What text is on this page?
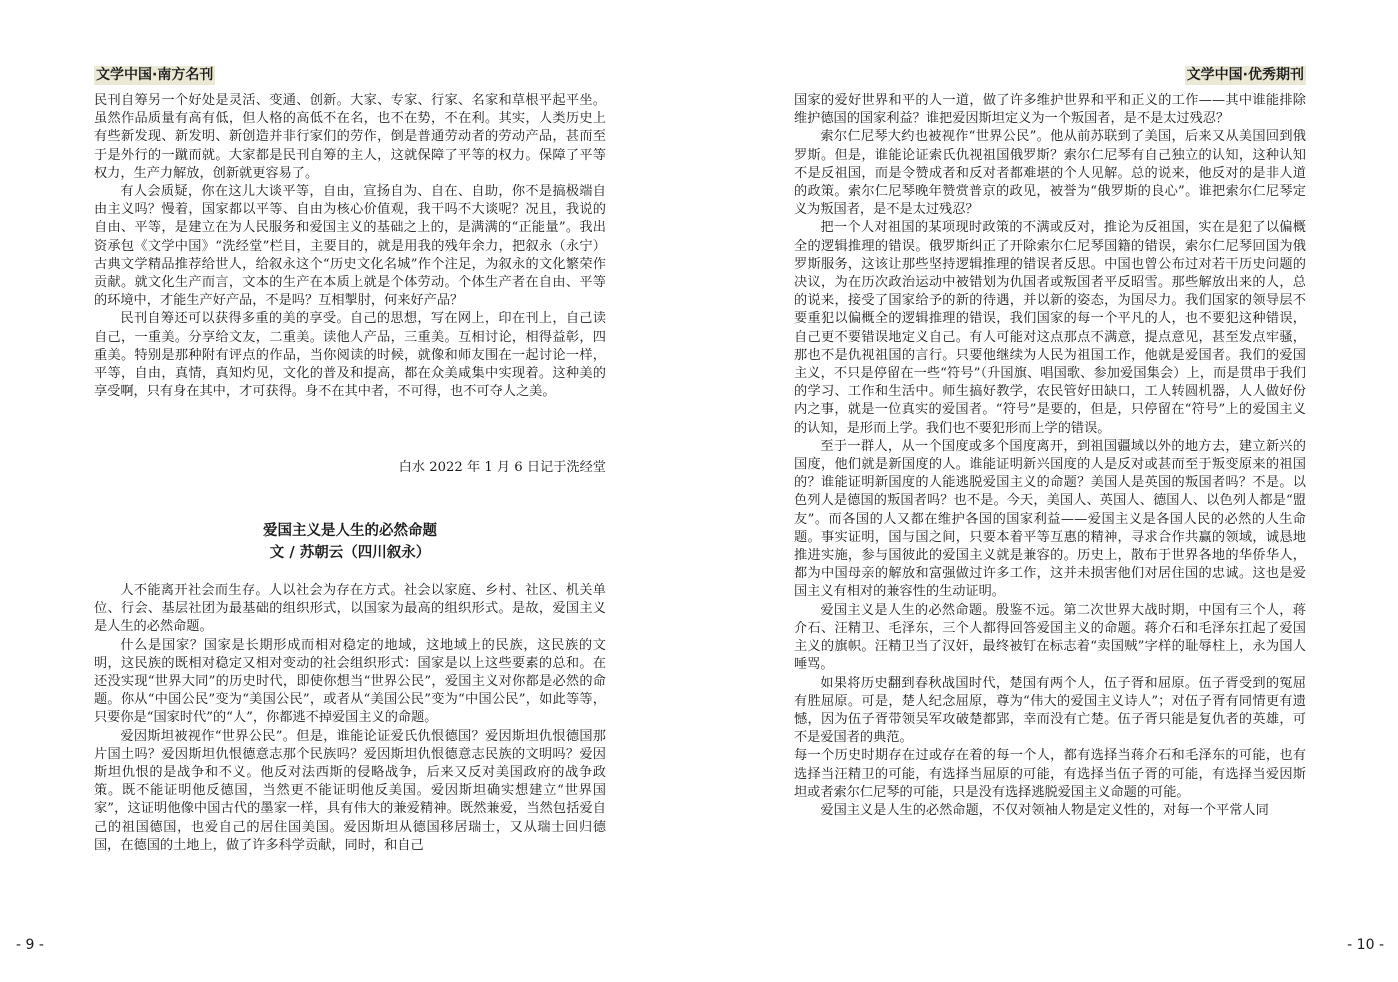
文学中国·南方名刊	文学中国·优秀期刊

民刊自筹另一个好处是灵活、变通、创新。大家、专家、行家、名家和草根平起平坐。虽然作品质量有高有低，但人格的高低不在名，也不在势，不在利。其实，人类历史上有些新发现、新发明、新创造并非行家们的劳作，倒是普通劳动者的劳动产品，甚而至于是外行的一蹴而就。大家都是民刊自筹的主人，这就保障了平等的权力。保障了平等权力，生产力解放，创新就更容易了。

有人会质疑，你在这儿大谈平等，自由，宣扬自为、自在、自助，你不是搞极端自由主义吗？慢着，国家都以平等、自由为核心价值观，我干吗不大谈呢？况且，我说的自由、平等，是建立在为人民服务和爱国主义的基础之上的，是满满的“正能量”。我出资承包《文学中国》“洗经堂”栏目，主要目的，就是用我的残年余力，把叙永（永宁）古典文学精品推荐给世人，给叙永这个“历史文化名城”作个注足，为叙永的文化繁荣作贡献。就文化生产而言，文本的生产在本质上就是个体劳动。个体生产者在自由、平等的环境中，才能生产好产品，不是吗？互相掣肘，何来好产品？

民刊自筹还可以获得多重的美的享受。自己的思想，写在网上，印在刊上，自己读自己，一重美。分享给文友，二重美。读他人产品，三重美。互相讨论，相得益彰，四重美。特别是那种附有评点的作品，当你阅读的时候，就像和师友围在一起讨论一样，平等，自由，真情，真知灼见，文化的普及和提高，都在众美咸集中实现着。这种美的享受啊，只有身在其中，才可获得。身不在其中者，不可得，也不可夺人之美。

白水 2022 年 1 月 6 日记于洗经堂
爱国主义是人生的必然命题
文 / 苏朝云（四川叙永）

人不能离开社会而生存。人以社会为存在方式。社会以家庭、乡村、社区、机关单位、行会、基层社团为最基础的组织形式，以国家为最高的组织形式。是故，爱国主义是人生的必然命题。

什么是国家？国家是长期形成而相对稳定的地域，这地域上的民族，这民族的文明，这民族的既相对稳定又相对变动的社会组织形式：国家是以上这些要素的总和。在还没实现“世界大同”的历史时代，即使你想当“世界公民”，爱国主义对你都是必然的命题。你从“中国公民”变为“美国公民”，或者从“美国公民”变为“中国公民”，如此等等，只要你是“国家时代”的“人”，你都逃不掉爱国主义的命题。

爱因斯坦被视作“世界公民”。但是，谁能论证爱氏仇恨德国？爱因斯坦仇恨德国那片国土吗？爱因斯坦仇恨德意志那个民族吗？爱因斯坦仇恨德意志民族的文明吗？爱因斯坦仇恨的是战争和不义。他反对法西斯的侵略战争，后来又反对美国政府的战争政策。既不能证明他反德国，当然更不能证明他反美国。爱因斯坦确实想建立“世界国家”，这证明他像中国古代的墨家一样，具有伟大的兼爱精神。既然兼爱，当然包括爱自己的祖国德国，也爱自己的居住国美国。爱因斯坦从德国移居瑞士，又从瑞士回归德国，在德国的土地上，做了许多科学贡献，同时，和自己

国家的爱好世界和平的人一道，做了许多维护世界和平和正义的工作——其中谁能排除维护德国的国家利益？谁把爱因斯坦定义为一个叛国者，是不是太过残忍？

索尔仁尼琴大约也被视作“世界公民”。他从前苏联到了美国，后来又从美国回到俄罗斯。但是，谁能论证索氏仇视祖国俄罗斯？索尔仁尼琴有自己独立的认知，这种认知不是反祖国，而是令赞成者和反对者都难堪的个人见解。总的说来，他反对的是非人道的政策。索尔仁尼琴晚年赞赏普京的政见，被誉为“俄罗斯的良心”。谁把索尔仁尼琴定义为叛国者，是不是太过残忍？

把一个人对祖国的某项现时政策的不满或反对，推论为反祖国，实在是犯了以偏概全的逻辑推理的错误。俄罗斯纠正了开除索尔仁尼琴国籍的错误，索尔仁尼琴回国为俄罗斯服务，这该让那些坚持逻辑推理的错误者反思。中国也曾公布过对若干历史问题的决议，为在历次政治运动中被错划为仇国者或叛国者平反昭雪。那些解放出来的人，总的说来，接受了国家给予的新的待遇，并以新的姿态，为国尽力。我们国家的领导层不要重犯以偏概全的逻辑推理的错误，我们国家的每一个平凡的人，也不要犯这种错误，自己更不要错误地定义自己。有人可能对这点那点不满意，提点意见，甚至发点牢骚，那也不是仇视祖国的言行。只要他继续为人民为祖国工作，他就是爱国者。我们的爱国主义，不只是停留在一些“符号”（升国旗、唱国歌、参加爱国集会）上，而是贯串于我们的学习、工作和生活中。师生搞好教学，农民管好田缺口，工人转圆机器，人人做好份内之事，就是一位真实的爱国者。“符号”是要的，但是，只停留在“符号”上的爱国主义的认知，是形而上学。我们也不要犯形而上学的错误。

至于一群人，从一个国度或多个国度离开，到祖国疆域以外的地方去，建立新兴的国度，他们就是新国度的人。谁能证明新兴国度的人是反对或甚而至于叛变原来的祖国的？谁能证明新国度的人能逃脱爱国主义的命题？美国人是英国的叛国者吗？不是。以色列人是德国的叛国者吗？也不是。今天，美国人、英国人、德国人、以色列人都是“盟友”。而各国的人又都在维护各国的国家利益——爱国主义是各国人民的必然的人生命题。事实证明，国与国之间，只要本着平等互惠的精神，寻求合作共赢的领域，诚恳地推进实施，参与国彼此的爱国主义就是兼容的。历史上，散布于世界各地的华侨华人，都为中国母亲的解放和富强做过许多工作，这并未损害他们对居住国的忠诚。这也是爱国主义有相对的兼容性的生动证明。

爱国主义是人生的必然命题。殷鉴不远。第二次世界大战时期，中国有三个人，蒋介石、汪精卫、毛泽东，三个人都得回答爱国主义的命题。蒋介石和毛泽东扛起了爱国主义的旗帜。汪精卫当了汉奸，最终被钉在标志着“卖国贼”字样的耻辱柱上，永为国人唾骂。

如果将历史翻到春秋战国时代，楚国有两个人，伍子胥和屈原。伍子胥受到的冤屈有胜屈原。可是，楚人纪念屈原，尊为“伟大的爱国主义诗人”；对伍子胥有同情更有遗憾，因为伍子胥带领吴军攻破楚都郢，幸而没有亡楚。伍子胥只能是复仇者的英雄，可不是爱国者的典范。

每一个历史时期存在过或存在着的每一个人，都有选择当蒋介石和毛泽东的可能，也有选择当汪精卫的可能，有选择当屈原的可能，有选择当伍子胥的可能，有选择当爱因斯坦或者索尔仁尼琴的可能，只是没有选择逃脱爱国主义命题的可能。

爱国主义是人生的必然命题，不仅对领袖人物是定义性的，对每一个平常人同

- 9 -	- 10 -
